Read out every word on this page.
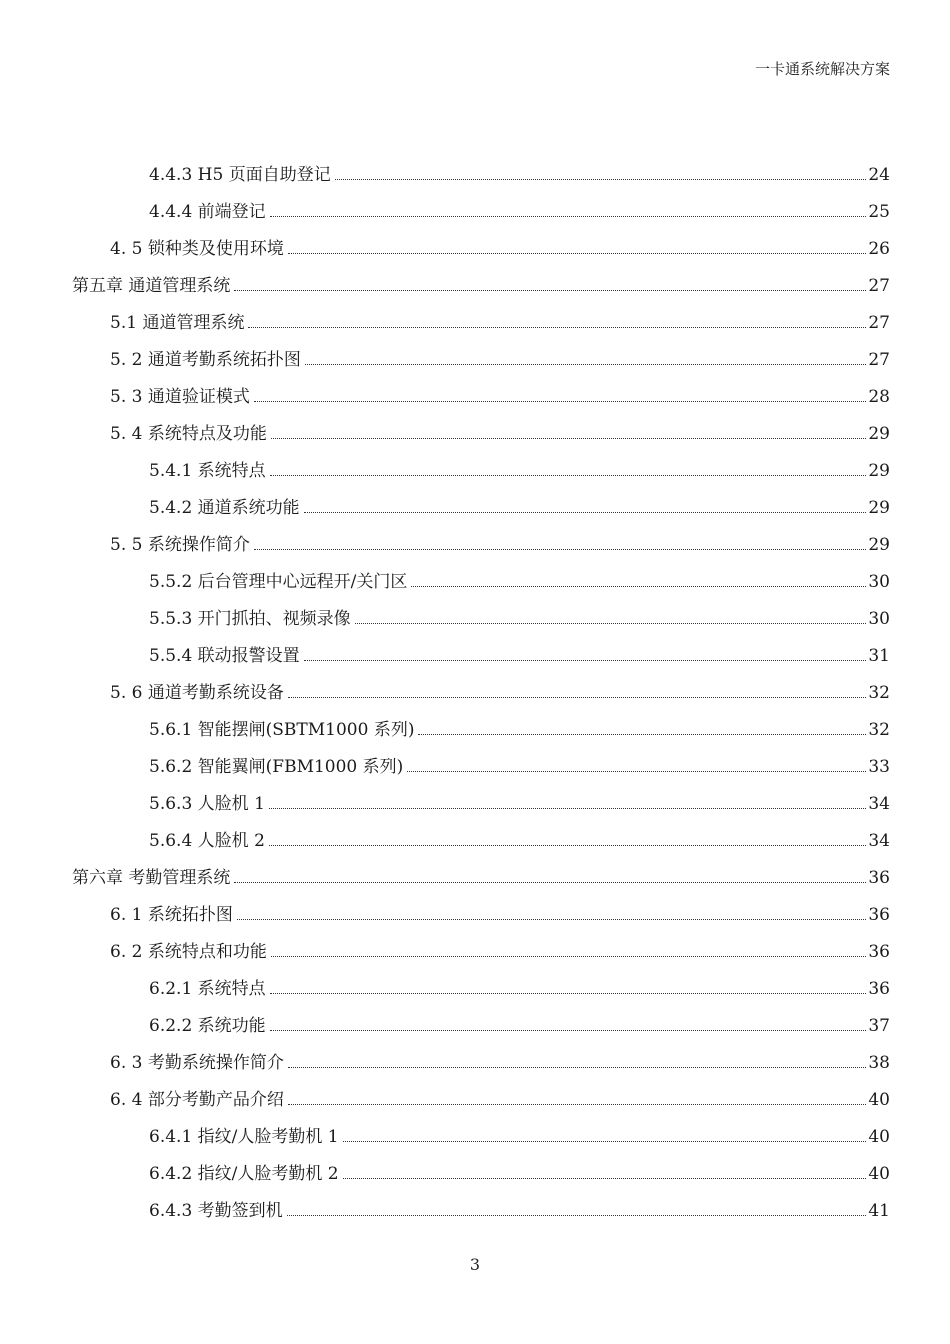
一卡通系统解决方案
4.4.3 H5 页面自助登记	24
4.4.4 前端登记	25
4. 5 锁种类及使用环境	26
第五章 通道管理系统	27
5.1 通道管理系统	27
5. 2 通道考勤系统拓扑图	27
5. 3 通道验证模式	28
5. 4 系统特点及功能	29
5.4.1 系统特点	29
5.4.2 通道系统功能	29
5. 5 系统操作简介	29
5.5.2 后台管理中心远程开/关门区	30
5.5.3 开门抓拍、视频录像	30
5.5.4 联动报警设置	31
5. 6 通道考勤系统设备	32
5.6.1 智能摆闸(SBTM1000 系列)	32
5.6.2 智能翼闸(FBM1000 系列)	33
5.6.3 人脸机 1	34
5.6.4 人脸机 2	34
第六章 考勤管理系统	36
6. 1 系统拓扑图	36
6. 2 系统特点和功能	36
6.2.1 系统特点	36
6.2.2 系统功能	37
6. 3 考勤系统操作简介	38
6. 4 部分考勤产品介绍	40
6.4.1 指纹/人脸考勤机 1	40
6.4.2 指纹/人脸考勤机 2	40
6.4.3 考勤签到机	41
3
